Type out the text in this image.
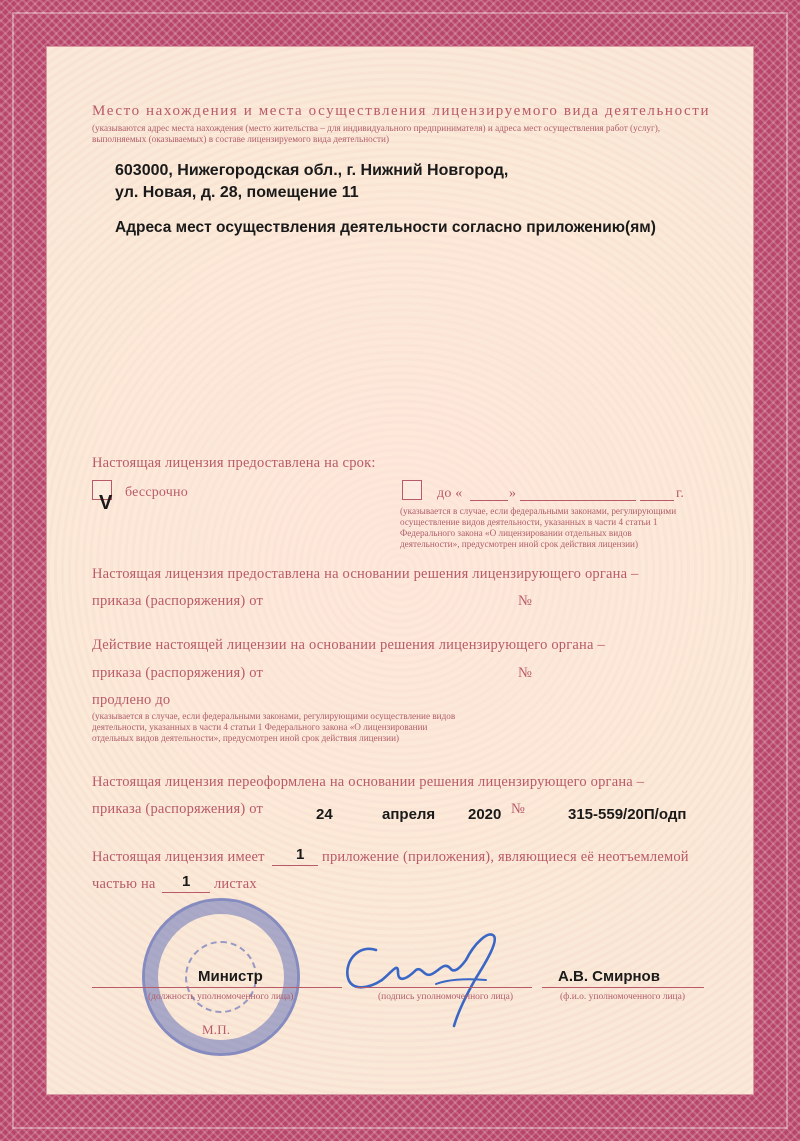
Место нахождения и места осуществления лицензируемого вида деятельности
(указываются адрес места нахождения (место жительства – для индивидуального предпринимателя) и адреса мест осуществления работ (услуг),
выполняемых (оказываемых) в составе лицензируемого вида деятельности)
603000, Нижегородская обл., г. Нижний Новгород,
ул. Новая, д. 28, помещение 11
Адреса мест осуществления деятельности согласно приложению(ям)
Настоящая лицензия предоставлена на срок:
V бессрочно	до «	»	г.
(указывается в случае, если федеральными законами, регулирующими
осуществление видов деятельности, указанных в части 4 статьи 1
Федерального закона «О лицензировании отдельных видов
деятельности», предусмотрен иной срок действия лицензии)
Настоящая лицензия предоставлена на основании решения лицензирующего органа –
приказа (распоряжения) от	№
Действие настоящей лицензии на основании решения лицензирующего органа –
приказа (распоряжения) от	№
продлено до
(указывается в случае, если федеральными законами, регулирующими осуществление видов
деятельности, указанных в части 4 статьи 1 Федерального закона «О лицензировании
отдельных видов деятельности», предусмотрен иной срок действия лицензии)
Настоящая лицензия переоформлена на основании решения лицензирующего органа –
приказа (распоряжения) от	24	апреля 2020 №	315-559/20П/одп
Настоящая лицензия имеет 1 приложение (приложения), являющиеся её неотъемлемой
частью на 1 листах
Министр
(должность уполномоченного лица)	(подпись уполномоченного лица)
А.В. Смирнов
(ф.и.о. уполномоченного лица)
М.П.
